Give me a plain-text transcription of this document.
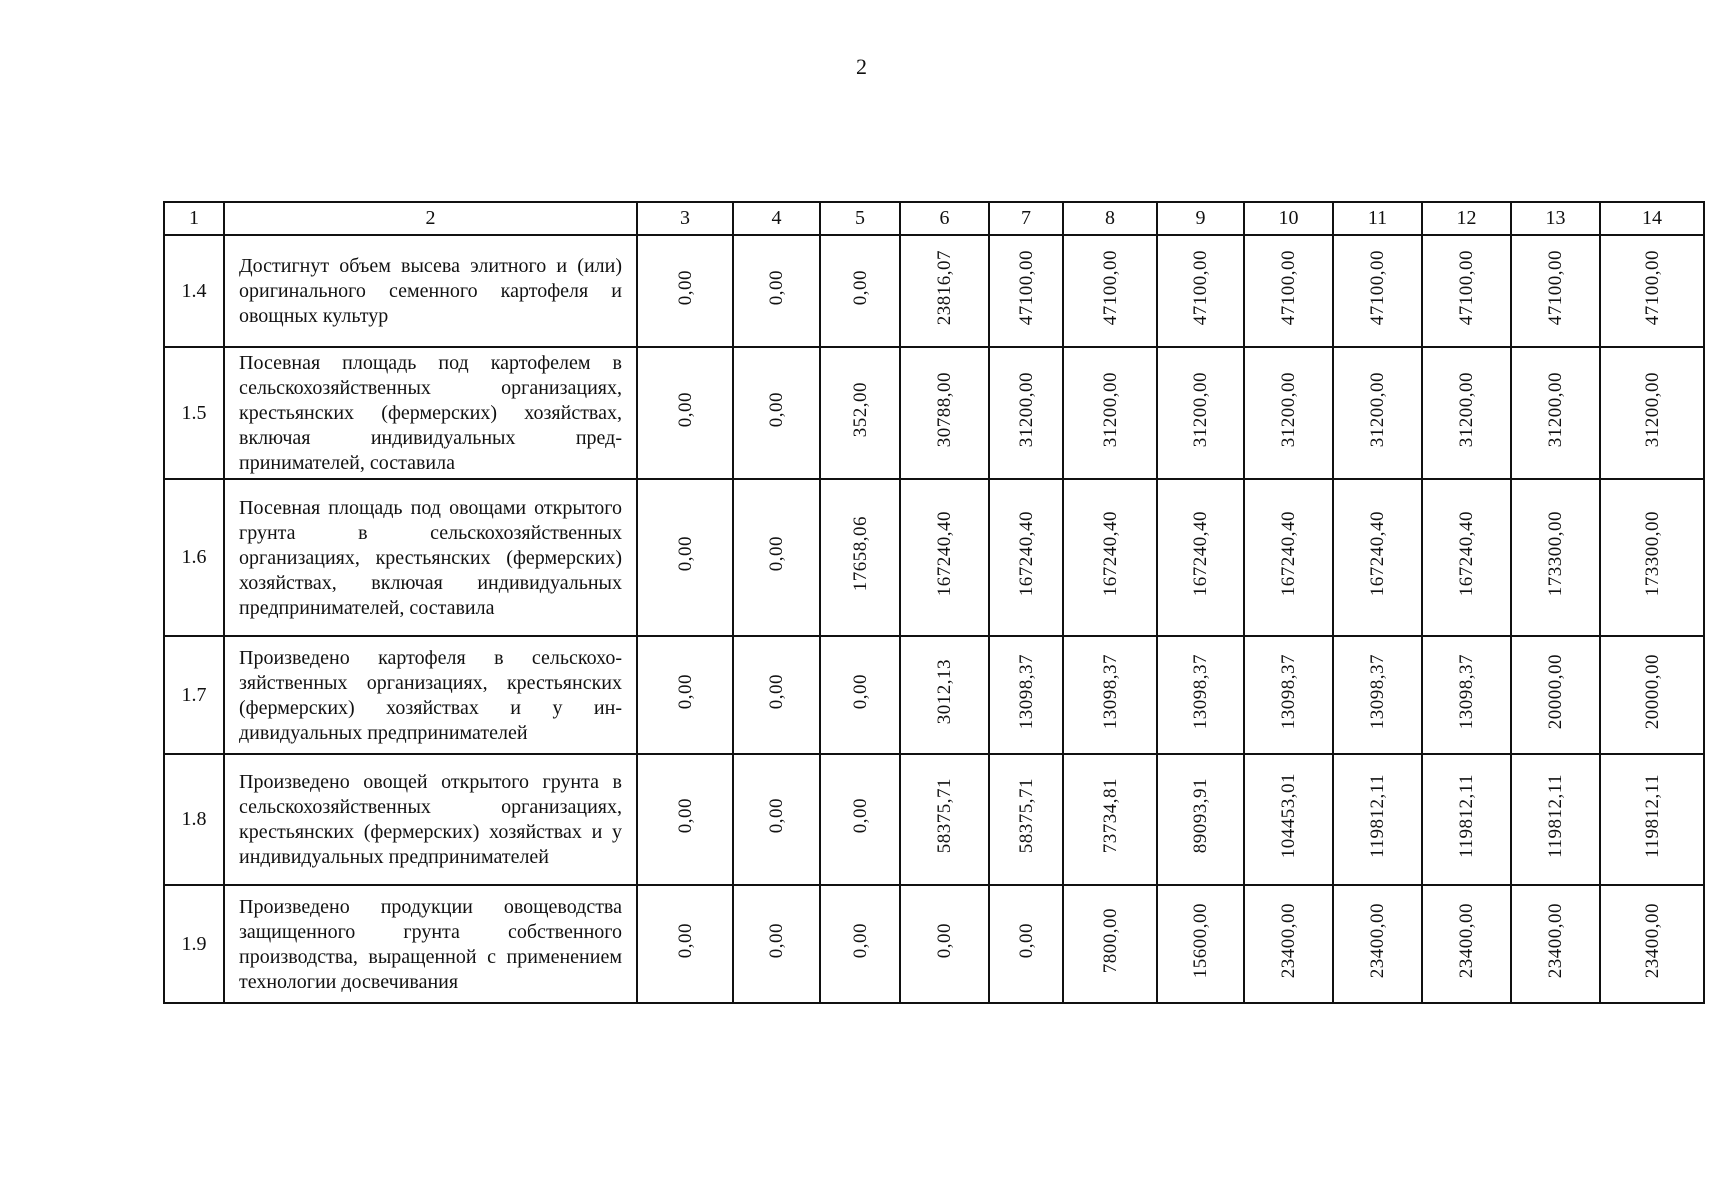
2
1	2	3	4	5	6	7	8	9	10	11	12	13	14
1.4	Достигнут объем высева элитного и (или) оригинального семенного картофеля и овощных культур	0,00	0,00	0,00	23816,07	47100,00	47100,00	47100,00	47100,00	47100,00	47100,00	47100,00	47100,00
1.5	Посевная площадь под картофелем в сельскохозяйственных организациях, крестьянских (фермерских) хозяйствах, включая индивидуальных предпринимателей, составила	0,00	0,00	352,00	30788,00	31200,00	31200,00	31200,00	31200,00	31200,00	31200,00	31200,00	31200,00
1.6	Посевная площадь под овощами открытого грунта в сельскохозяйственных организациях, крестьянских (фермерских) хозяйствах, включая индивидуальных предпринимателей, составила	0,00	0,00	17658,06	167240,40	167240,40	167240,40	167240,40	167240,40	167240,40	167240,40	173300,00	173300,00
1.7	Произведено картофеля в сельскохозяйственных организациях, крестьянских (фермерских) хозяйствах и у индивидуальных предпринимателей	0,00	0,00	0,00	3012,13	13098,37	13098,37	13098,37	13098,37	13098,37	13098,37	20000,00	20000,00
1.8	Произведено овощей открытого грунта в сельскохозяйственных организациях, крестьянских (фермерских) хозяйствах и у индивидуальных предпринимателей	0,00	0,00	0,00	58375,71	58375,71	73734,81	89093,91	104453,01	119812,11	119812,11	119812,11	119812,11
1.9	Произведено продукции овощеводства защищенного грунта собственного производства, выращенной с применением технологии досвечивания	0,00	0,00	0,00	0,00	0,00	7800,00	15600,00	23400,00	23400,00	23400,00	23400,00	23400,00
